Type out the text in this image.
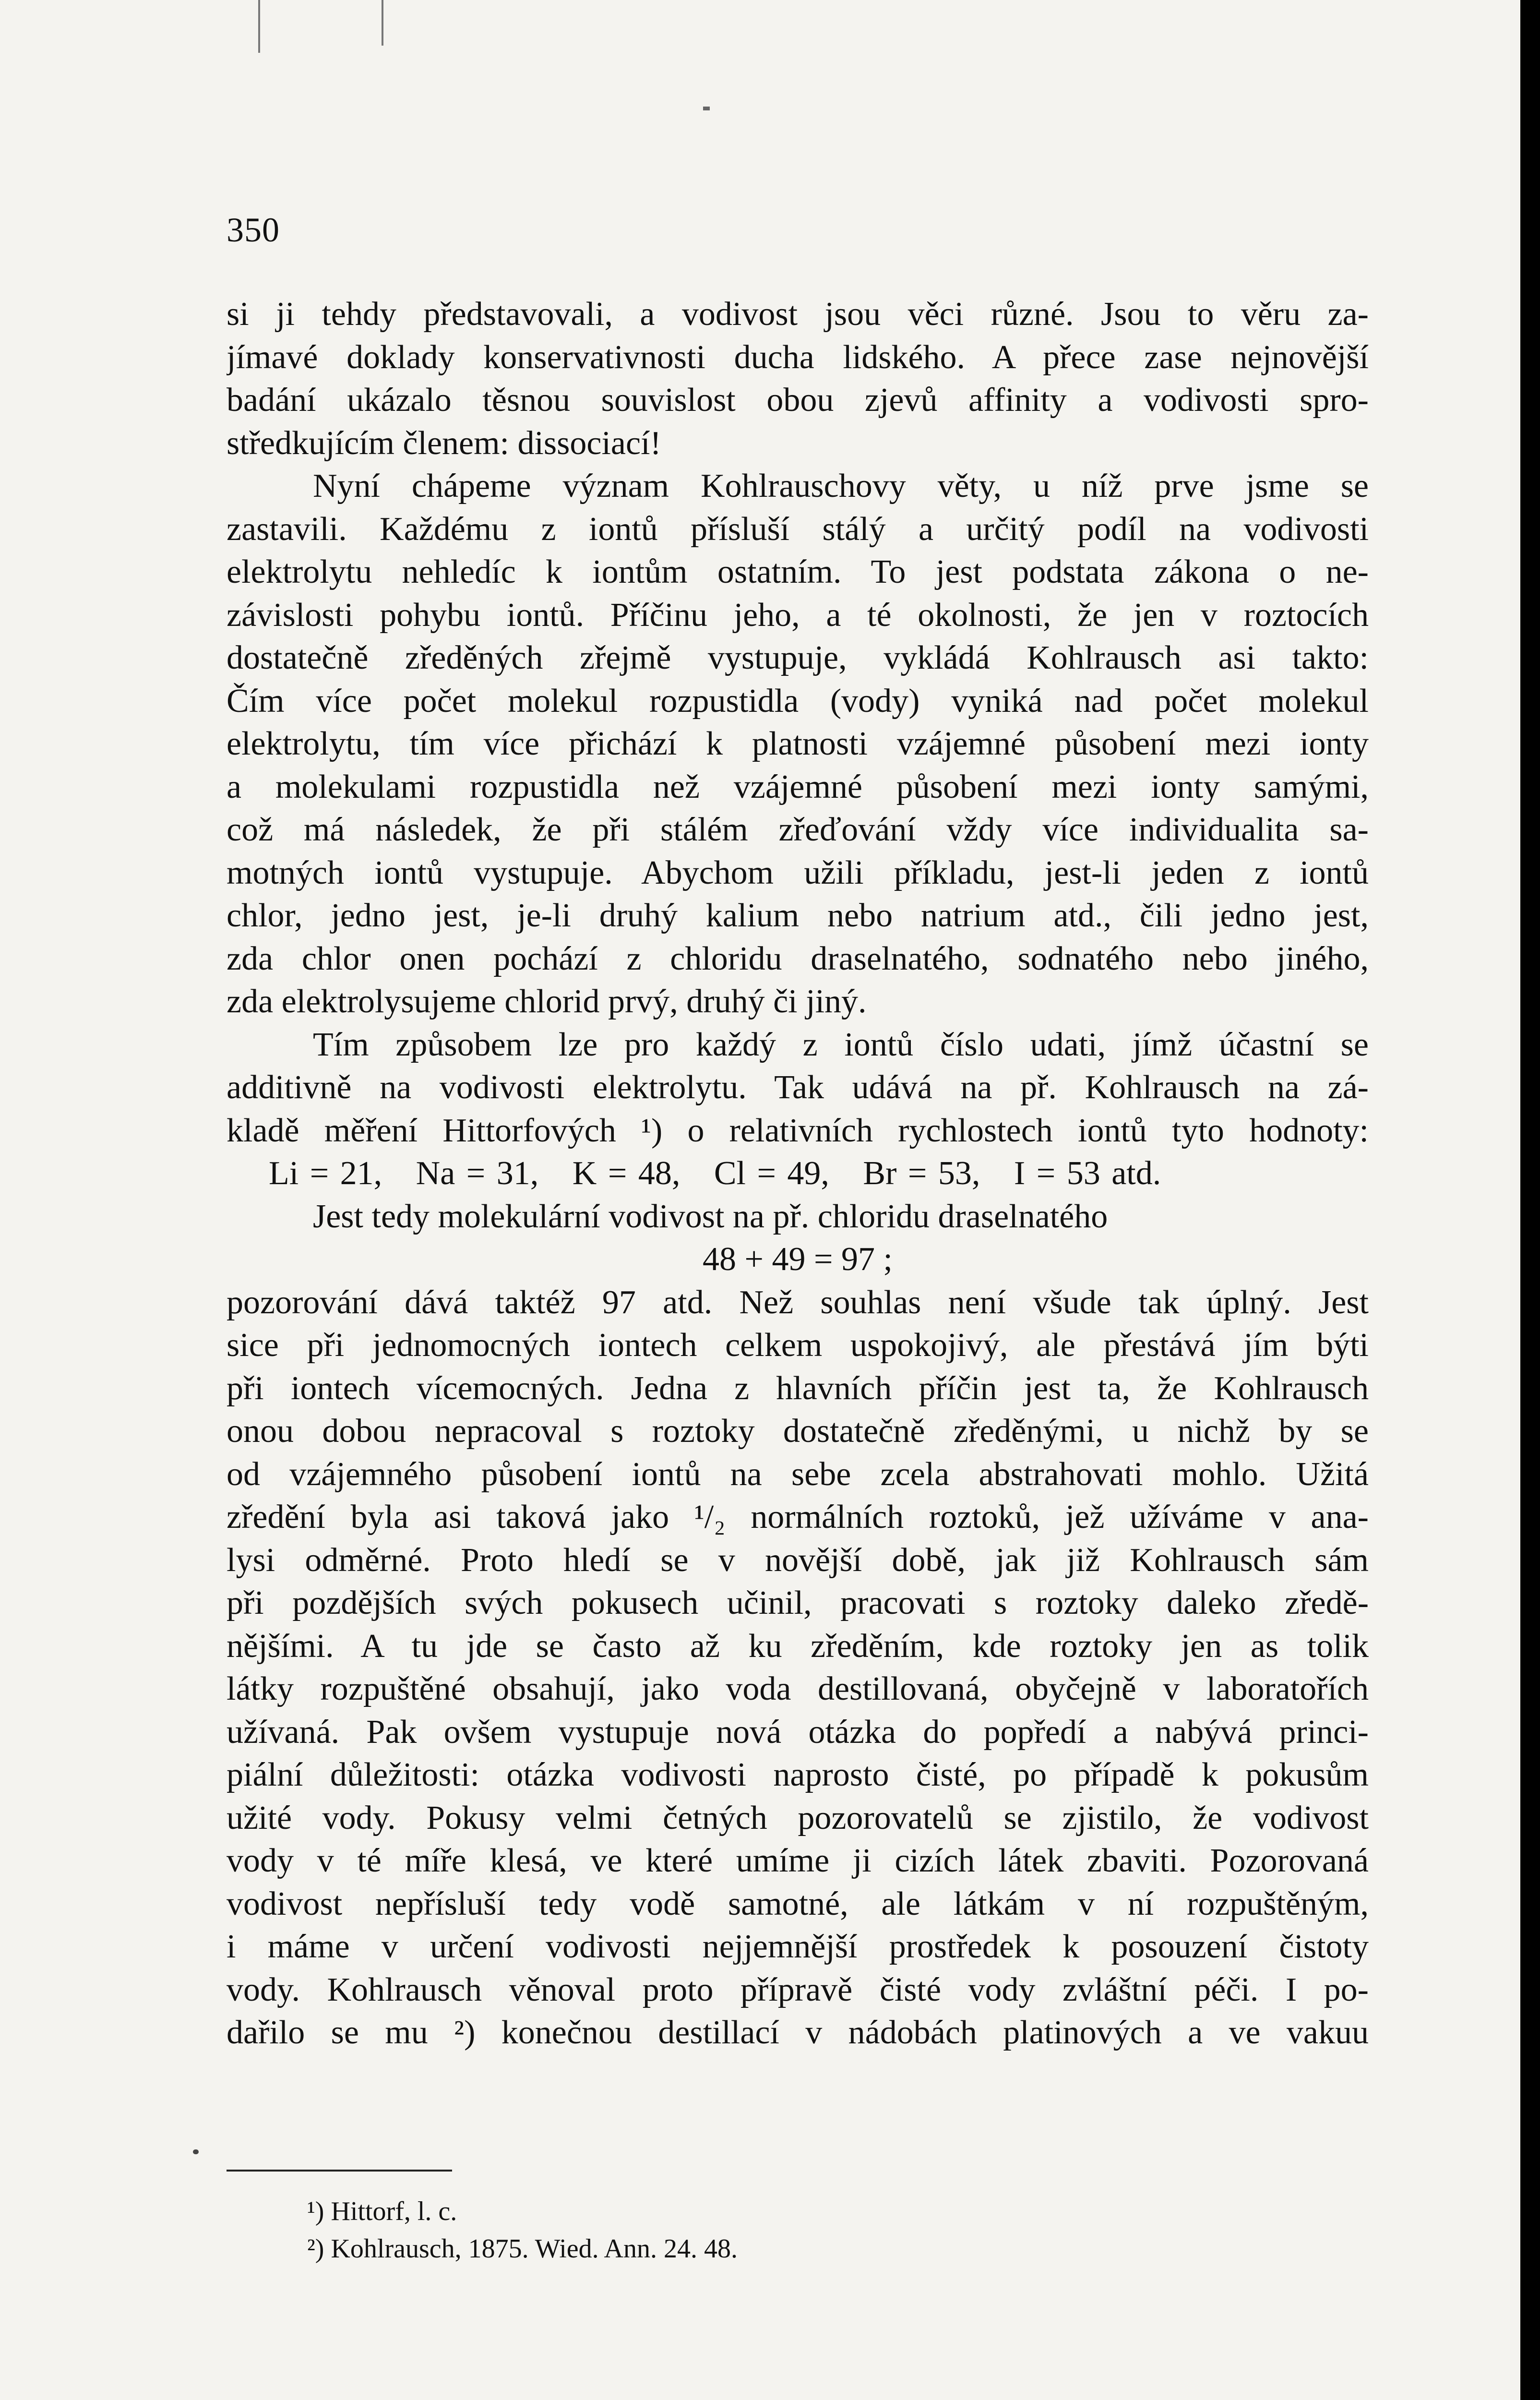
350

si ji tehdy představovali, a vodivost jsou věci různé. Jsou to věru za-
jímavé doklady konservativnosti ducha lidského. A přece zase nejnovější
badání ukázalo těsnou souvislost obou zjevů affinity a vodivosti spro-
středkujícím členem: dissociací!

Nyní chápeme význam Kohlrauschovy věty, u níž prve jsme se
zastavili. Každému z iontů přísluší stálý a určitý podíl na vodivosti
elektrolytu nehledíc k iontům ostatním. To jest podstata zákona o ne-
závislosti pohybu iontů. Příčinu jeho, a té okolnosti, že jen v roztocích
dostatečně zředěných zřejmě vystupuje, vykládá Kohlrausch asi takto:
Čím více počet molekul rozpustidla (vody) vyniká nad počet molekul
elektrolytu, tím více přichází k platnosti vzájemné působení mezi ionty
a molekulami rozpustidla než vzájemné působení mezi ionty samými,
což má následek, že při stálém zřeďování vždy více individualita sa-
motných iontů vystupuje. Abychom užili příkladu, jest-li jeden z iontů
chlor, jedno jest, je-li druhý kalium nebo natrium atd., čili jedno jest,
zda chlor onen pochází z chloridu draselnatého, sodnatého nebo jiného,
zda elektrolysujeme chlorid prvý, druhý či jiný.

Tím způsobem lze pro každý z iontů číslo udati, jímž účastní se
additivně na vodivosti elektrolytu. Tak udává na př. Kohlrausch na zá-
kladě měření Hittorfových ¹) o relativních rychlostech iontů tyto hodnoty:

Li = 21,   Na = 31,   K = 48,   Cl = 49,   Br = 53,   I = 53 atd.

Jest tedy molekulární vodivost na př. chloridu draselnatého

48 + 49 = 97 ;

pozorování dává taktéž 97 atd. Než souhlas není všude tak úplný. Jest
sice při jednomocných iontech celkem uspokojivý, ale přestává jím býti
při iontech vícemocných. Jedna z hlavních příčin jest ta, že Kohlrausch
onou dobou nepracoval s roztoky dostatečně zředěnými, u nichž by se
od vzájemného působení iontů na sebe zcela abstrahovati mohlo. Užitá
zředění byla asi taková jako ¹/₂ normálních roztoků, jež užíváme v ana-
lysi odměrné. Proto hledí se v novější době, jak již Kohlrausch sám
při pozdějších svých pokusech učinil, pracovati s roztoky daleko zředě-
nějšími. A tu jde se často až ku zředěním, kde roztoky jen as tolik
látky rozpuštěné obsahují, jako voda destillovaná, obyčejně v laboratořích
užívaná. Pak ovšem vystupuje nová otázka do popředí a nabývá princi-
piální důležitosti: otázka vodivosti naprosto čisté, po případě k pokusům
užité vody. Pokusy velmi četných pozorovatelů se zjistilo, že vodivost
vody v té míře klesá, ve které umíme ji cizích látek zbaviti. Pozorovaná
vodivost nepřísluší tedy vodě samotné, ale látkám v ní rozpuštěným,
i máme v určení vodivosti nejjemnější prostředek k posouzení čistoty
vody. Kohlrausch věnoval proto přípravě čisté vody zvláštní péči. I po-
dařilo se mu ²) konečnou destillací v nádobách platinových a ve vakuu

¹) Hittorf, l. c.
²) Kohlrausch, 1875. Wied. Ann. 24. 48.
